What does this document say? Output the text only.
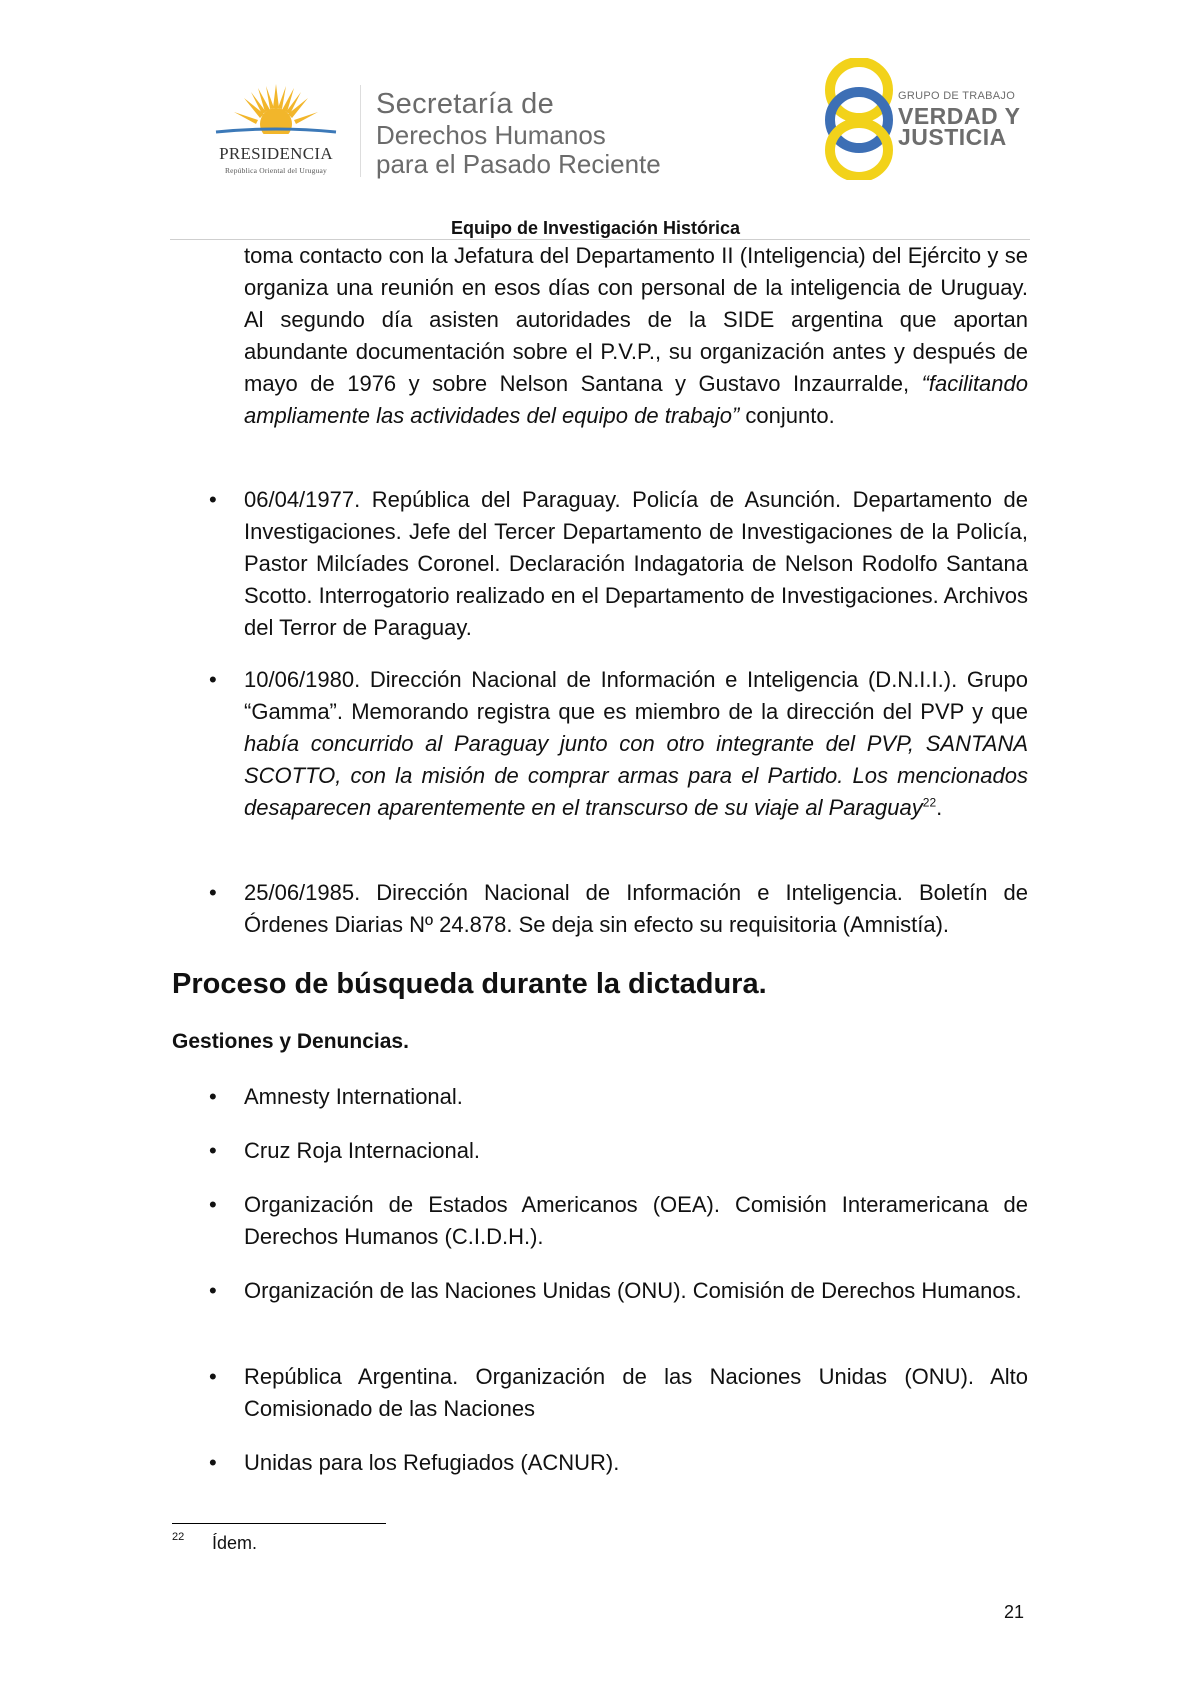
PRESIDENCIA
República Oriental del Uruguay
Secretaría de
Derechos Humanos
para el Pasado Reciente
GRUPO DE TRABAJO
VERDAD Y
JUSTICIA
Equipo de Investigación Histórica
toma contacto con la Jefatura del Departamento II (Inteligencia) del Ejército y se organiza una reunión en esos días con personal de la inteligencia de Uruguay. Al segundo día asisten autoridades de la SIDE argentina que aportan abundante documentación sobre el P.V.P., su organización antes y después de mayo de 1976 y sobre Nelson Santana y Gustavo Inzaurralde, “facilitando ampliamente las actividades del equipo de trabajo” conjunto.
• 06/04/1977. República del Paraguay. Policía de Asunción. Departamento de Investigaciones. Jefe del Tercer Departamento de Investigaciones de la Policía, Pastor Milcíades Coronel. Declaración Indagatoria de Nelson Rodolfo Santana Scotto. Interrogatorio realizado en el Departamento de Investigaciones. Archivos del Terror de Paraguay.
• 10/06/1980. Dirección Nacional de Información e Inteligencia (D.N.I.I.). Grupo “Gamma”. Memorando registra que es miembro de la dirección del PVP y que había concurrido al Paraguay junto con otro integrante del PVP, SANTANA SCOTTO, con la misión de comprar armas para el Partido. Los mencionados desaparecen aparentemente en el transcurso de su viaje al Paraguay$^{22}$.
• 25/06/1985. Dirección Nacional de Información e Inteligencia. Boletín de Órdenes Diarias Nº 24.878. Se deja sin efecto su requisitoria (Amnistía).
Proceso de búsqueda durante la dictadura.
Gestiones y Denuncias.
• Amnesty International.
• Cruz Roja Internacional.
• Organización de Estados Americanos (OEA). Comisión Interamericana de Derechos Humanos (C.I.D.H.).
• Organización de las Naciones Unidas (ONU). Comisión de Derechos Humanos.
• República Argentina. Organización de las Naciones Unidas (ONU). Alto Comisionado de las Naciones
• Unidas para los Refugiados (ACNUR).
22 Ídem.
21
